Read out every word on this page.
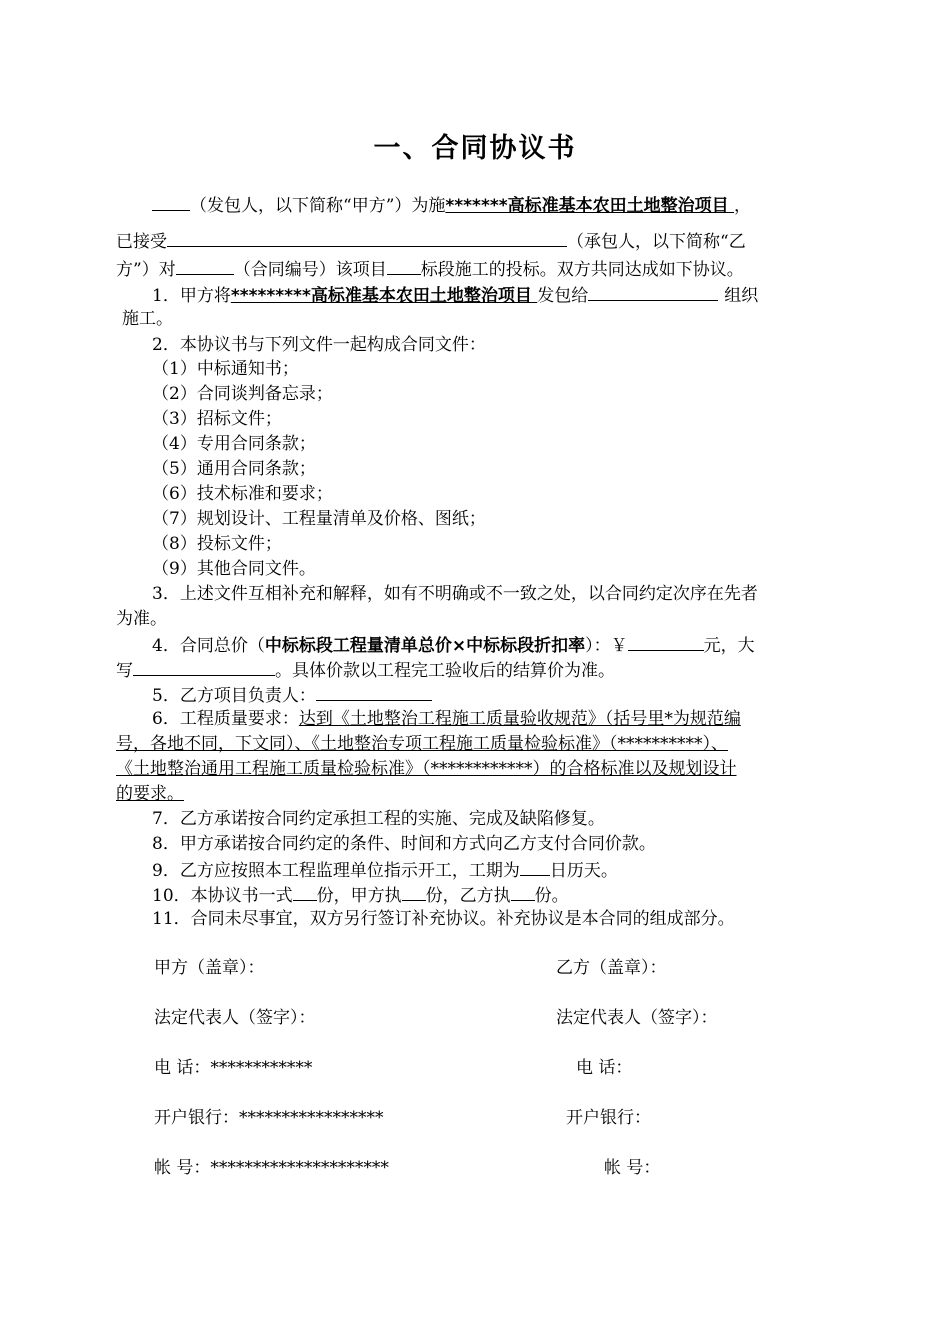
一、合同协议书
（发包人，以下简称“甲方”）为施*******高标准基本农田土地整治项目 ，
已接受	（承包人，以下简称“乙
方”）对	（合同编号）该项目 标段施工的投标。双方共同达成如下协议。
1．甲方将*********高标准基本农田土地整治项目 发包给	组织
施工。
2．本协议书与下列文件一起构成合同文件：
（1）中标通知书；
（2）合同谈判备忘录；
（3）招标文件；
（4）专用合同条款；
（5）通用合同条款；
（6）技术标准和要求；
（7）规划设计、工程量清单及价格、图纸；
（8）投标文件；
（9）其他合同文件。
3．上述文件互相补充和解释，如有不明确或不一致之处，以合同约定次序在先者
为准。
4．合同总价（中标标段工程量清单总价×中标标段折扣率）：￥	元，大
写	。具体价款以工程完工验收后的结算价为准。
5．乙方项目负责人：
6．工程质量要求：达到《土地整治工程施工质量验收规范》（括号里*为规范编
号，各地不同，下文同）、《土地整治专项工程施工质量检验标准》（**********）、
《土地整治通用工程施工质量检验标准》（************）的合格标准以及规划设计
的要求。
7．乙方承诺按合同约定承担工程的实施、完成及缺陷修复。
8．甲方承诺按合同约定的条件、时间和方式向乙方支付合同价款。
9．乙方应按照本工程监理单位指示开工，工期为 日历天。
10．本协议书一式 份，甲方执 份，乙方执 份。
11．合同未尽事宜，双方另行签订补充协议。补充协议是本合同的组成部分。
甲方（盖章）：	乙方（盖章）：
法定代表人（签字）：	法定代表人（签字）：
电 话：************	电 话：
开户银行：*****************	开户银行：
帐 号：*********************	帐 号：
